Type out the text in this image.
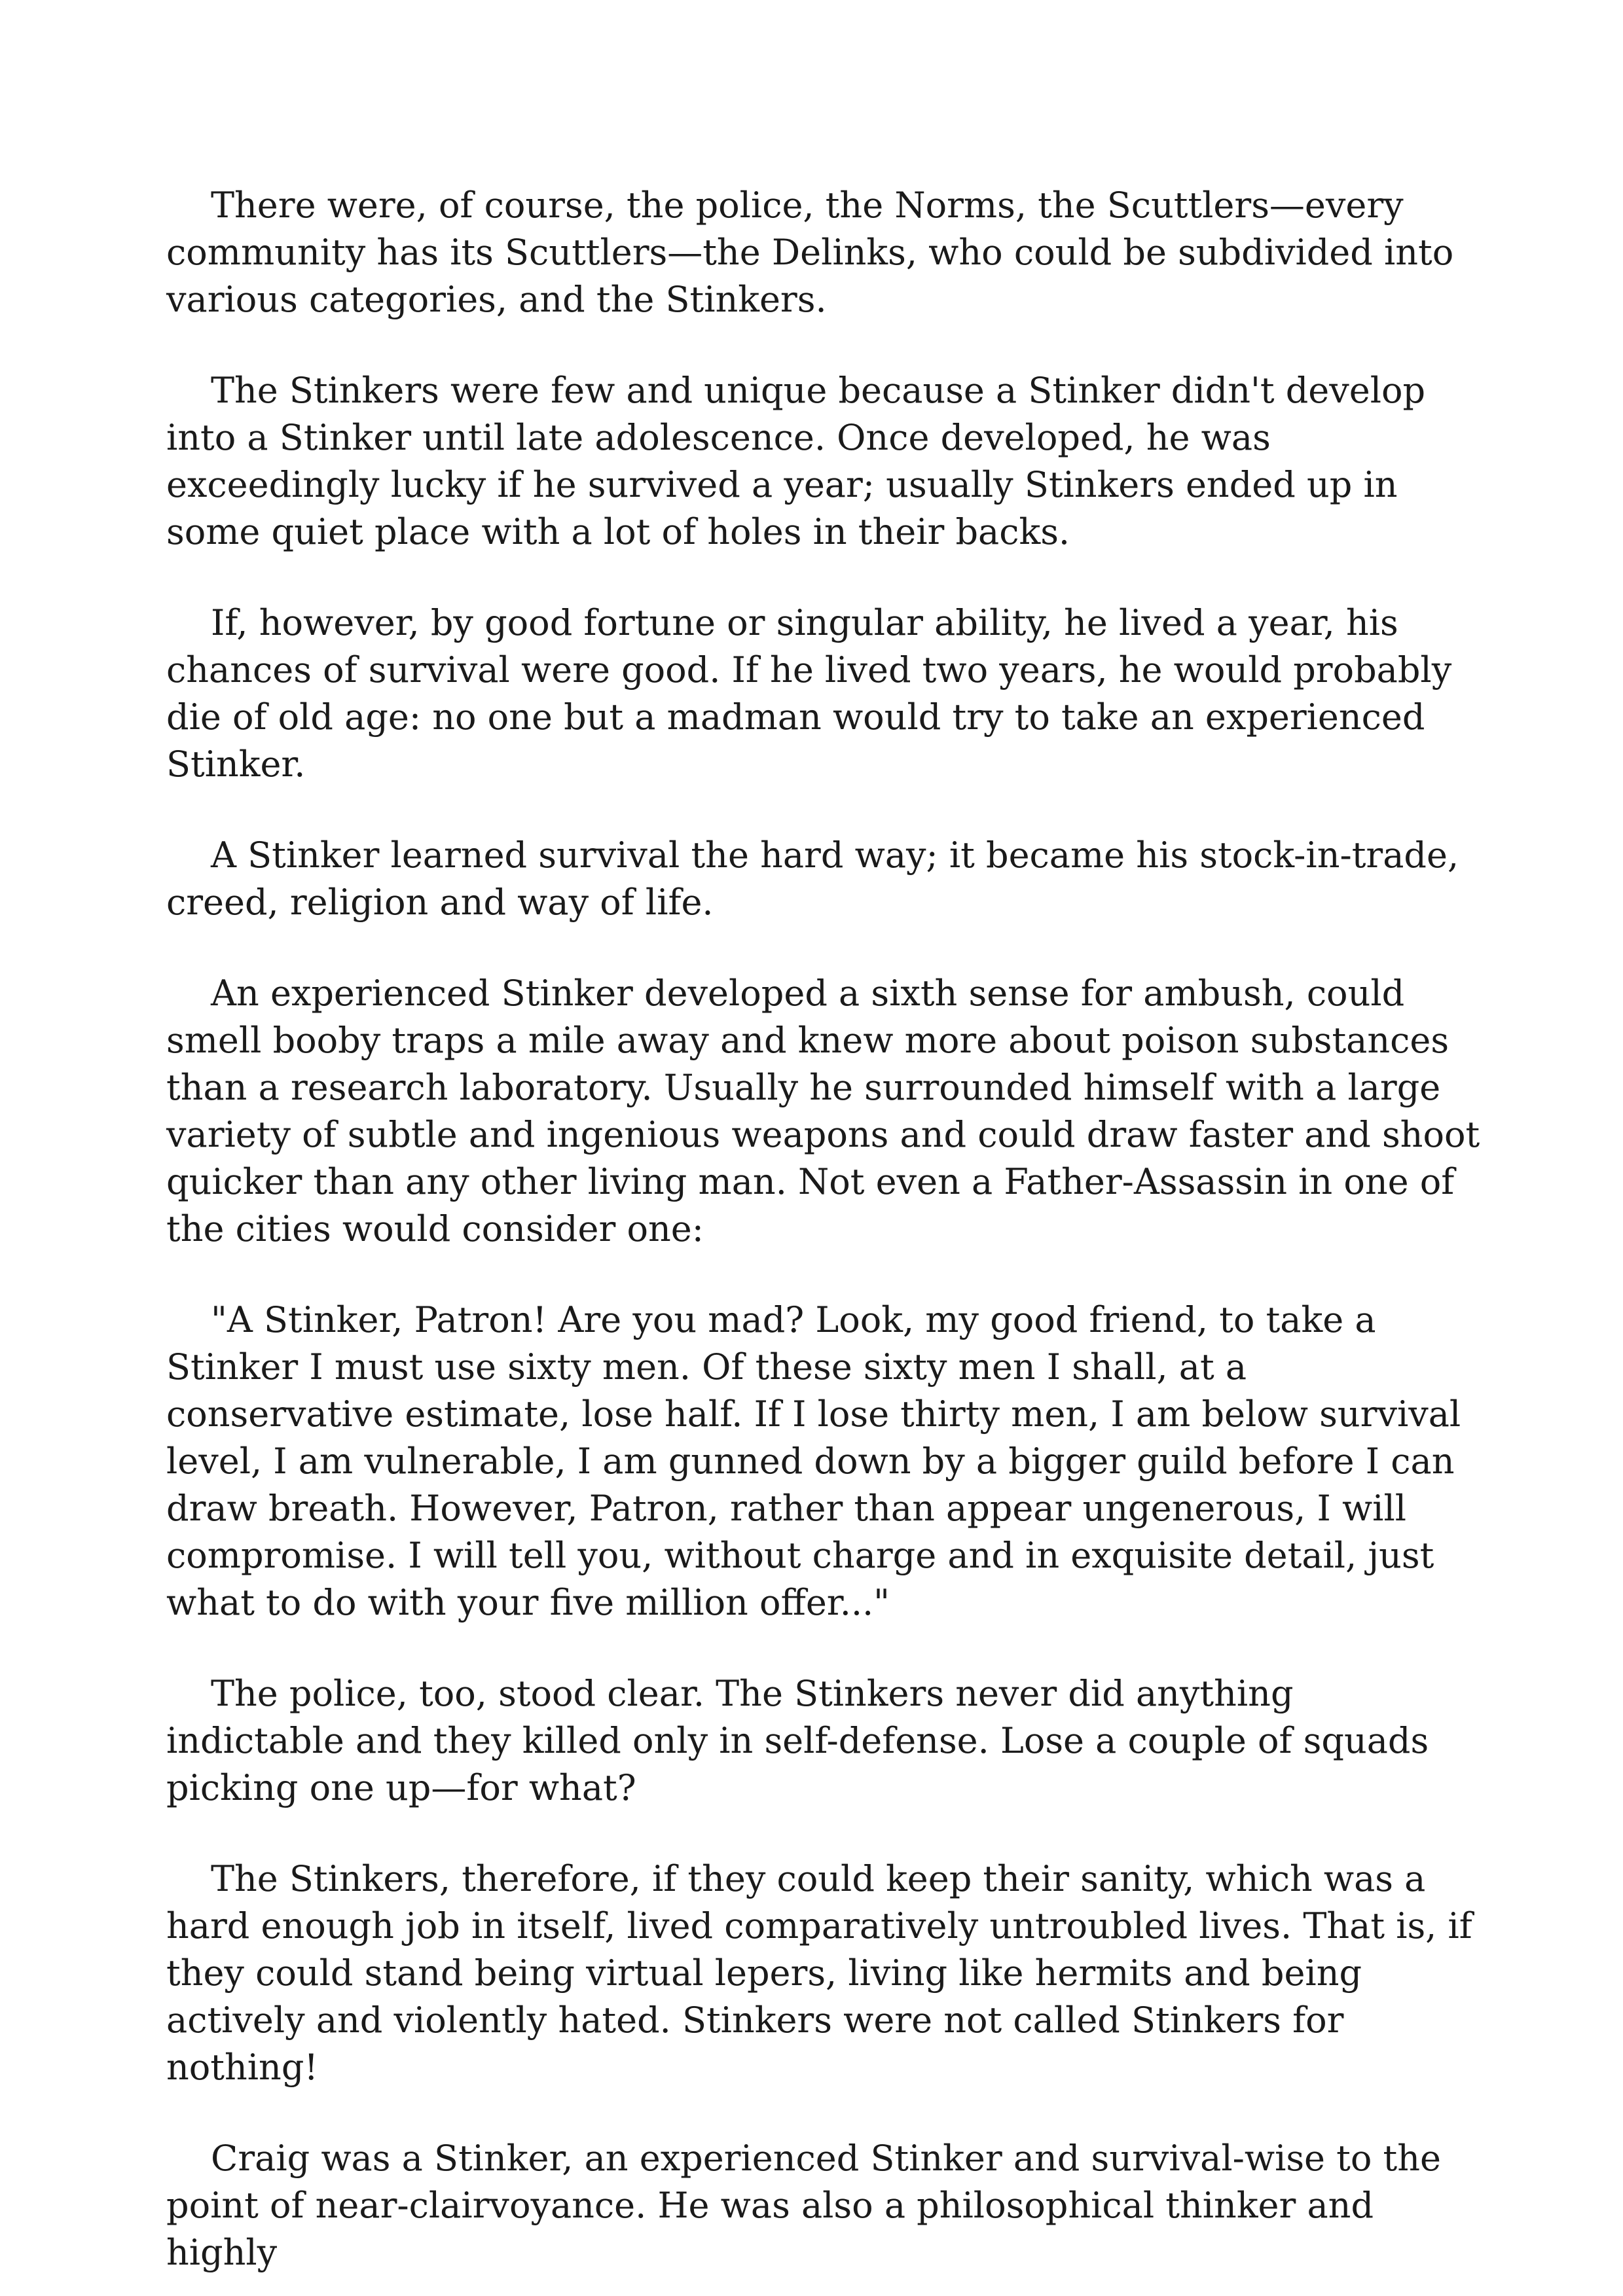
There were, of course, the police, the Norms, the Scuttlers—every community has its Scuttlers—the Delinks, who could be subdivided into various categories, and the Stinkers.

The Stinkers were few and unique because a Stinker didn't develop into a Stinker until late adolescence. Once developed, he was exceedingly lucky if he survived a year; usually Stinkers ended up in some quiet place with a lot of holes in their backs.

If, however, by good fortune or singular ability, he lived a year, his chances of survival were good. If he lived two years, he would probably die of old age: no one but a madman would try to take an experienced Stinker.

A Stinker learned survival the hard way; it became his stock-in-trade, creed, religion and way of life.

An experienced Stinker developed a sixth sense for ambush, could smell booby traps a mile away and knew more about poison substances than a research laboratory. Usually he surrounded himself with a large variety of subtle and ingenious weapons and could draw faster and shoot quicker than any other living man. Not even a Father-Assassin in one of the cities would consider one:

"A Stinker, Patron! Are you mad? Look, my good friend, to take a Stinker I must use sixty men. Of these sixty men I shall, at a conservative estimate, lose half. If I lose thirty men, I am below survival level, I am vulnerable, I am gunned down by a bigger guild before I can draw breath. However, Patron, rather than appear ungenerous, I will compromise. I will tell you, without charge and in exquisite detail, just what to do with your five million offer..."

The police, too, stood clear. The Stinkers never did anything indictable and they killed only in self-defense. Lose a couple of squads picking one up—for what?

The Stinkers, therefore, if they could keep their sanity, which was a hard enough job in itself, lived comparatively untroubled lives. That is, if they could stand being virtual lepers, living like hermits and being actively and violently hated. Stinkers were not called Stinkers for nothing!

Craig was a Stinker, an experienced Stinker and survival-wise to the point of near-clairvoyance. He was also a philosophical thinker and highly
